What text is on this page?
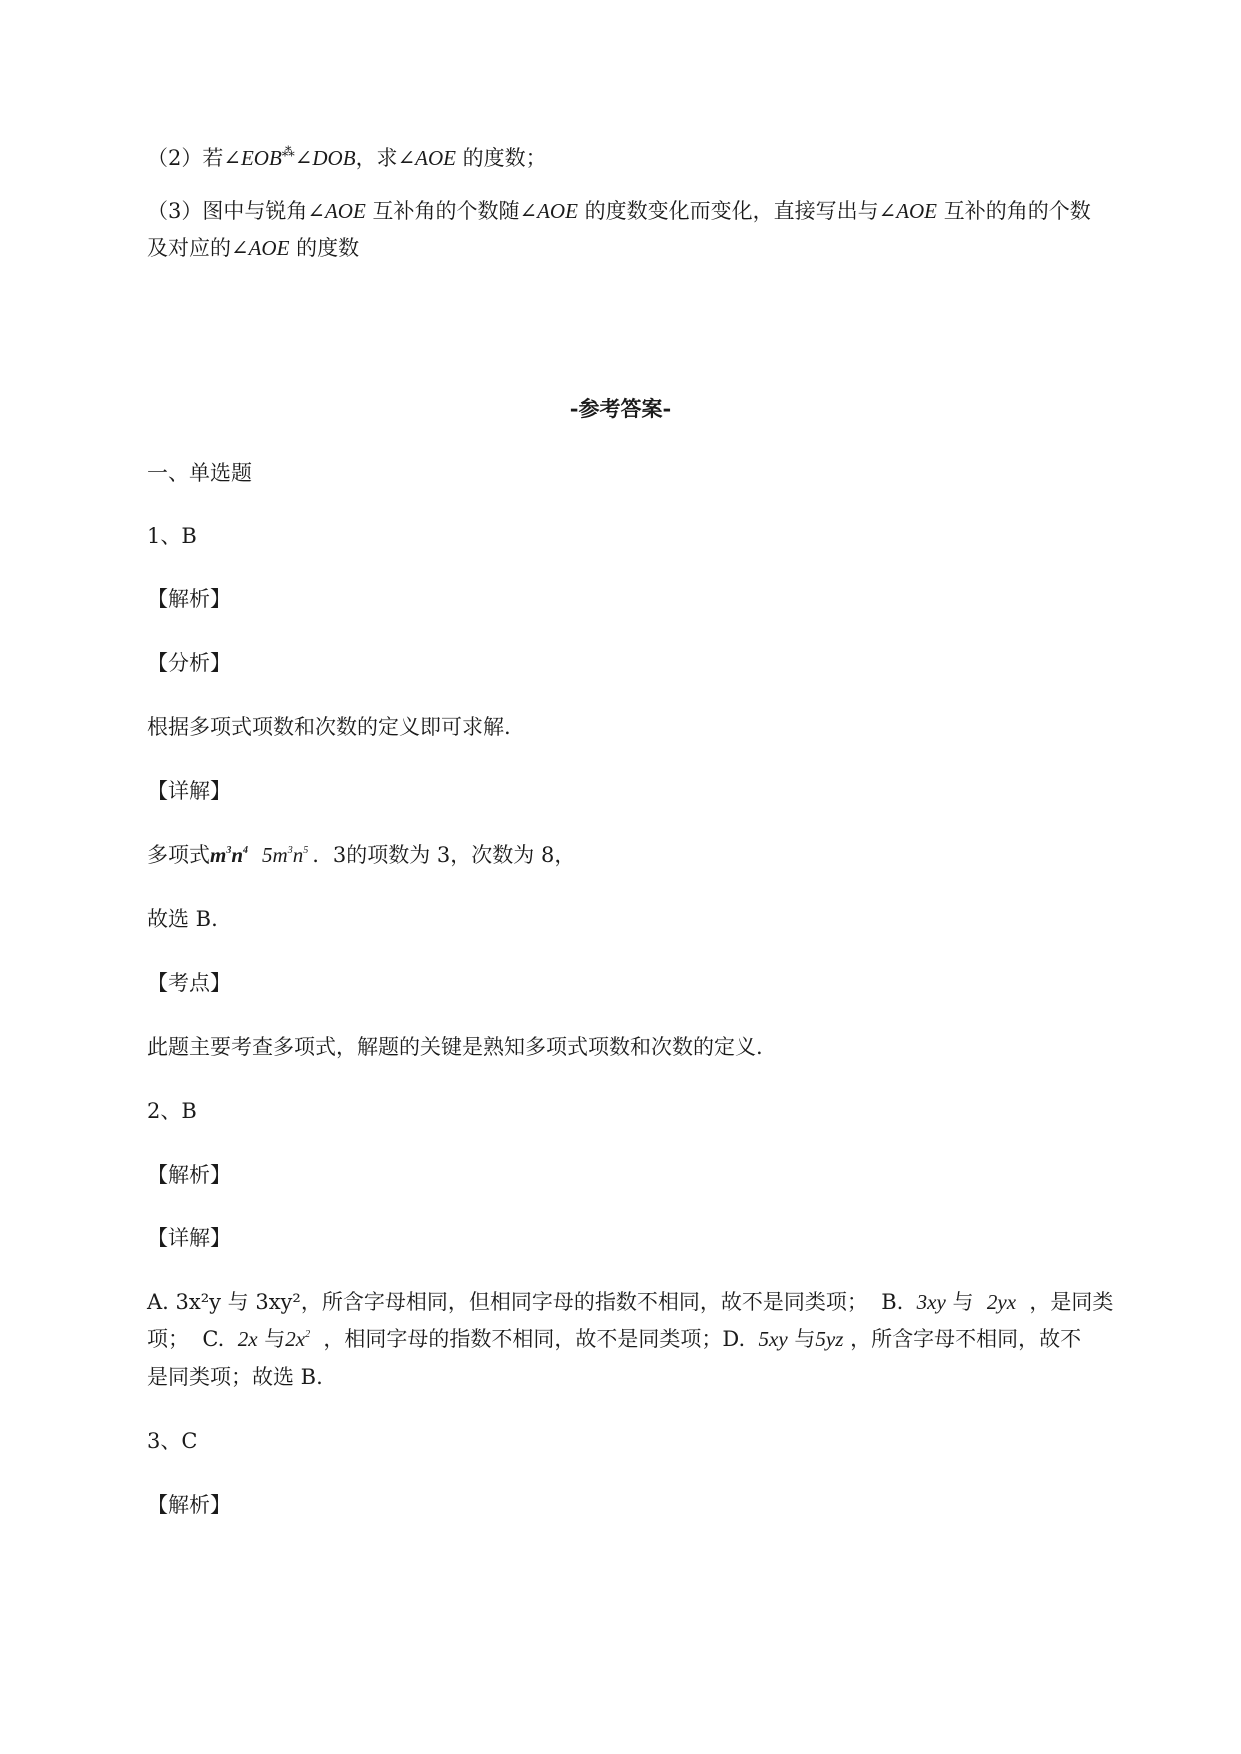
（2）若∠EOB⁂∠DOB，求∠AOE 的度数；
（3）图中与锐角∠AOE 互补角的个数随∠AOE 的度数变化而变化，直接写出与∠AOE 互补的角的个数
及对应的∠AOE 的度数
-参考答案-
一、单选题
1、B
【解析】
【分析】
根据多项式项数和次数的定义即可求解.
【详解】
多项式$m^3n^4$ $5m^3n^5$ . 3的项数为 3，次数为 8，
故选 B.
【考点】
此题主要考查多项式，解题的关键是熟知多项式项数和次数的定义.
2、B
【解析】
【详解】
A. 3x²y 与 3xy²，所含字母相同，但相同字母的指数不相同，故不是同类项； B. 3xy 与 2yx ，是同类
项； C. 2x 与$2x^2$ ，相同字母的指数不相同，故不是同类项；D. 5xy 与5yz ，所含字母不相同，故不
是同类项；故选 B.
3、C
【解析】
